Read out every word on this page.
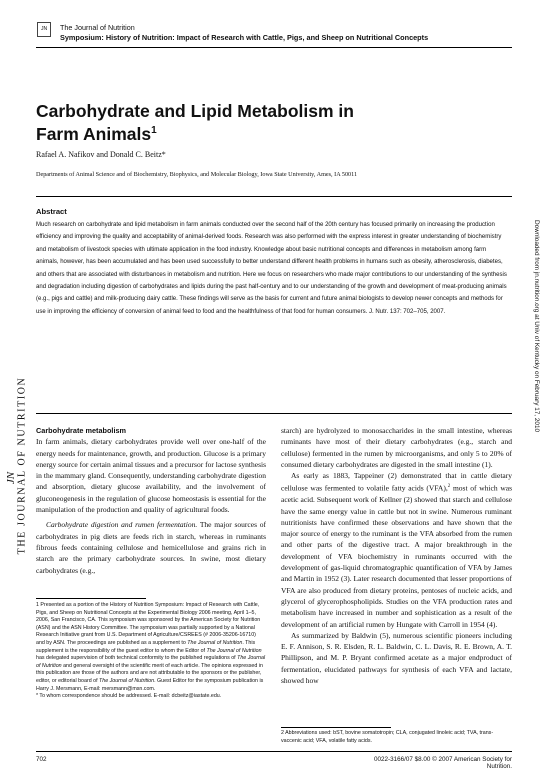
JN	The Journal of Nutrition
Symposium: History of Nutrition: Impact of Research with Cattle, Pigs, and Sheep on Nutritional Concepts
Carbohydrate and Lipid Metabolism in Farm Animals$^1$
Rafael A. Nafikov and Donald C. Beitz*
Departments of Animal Science and of Biochemistry, Biophysics, and Molecular Biology, Iowa State University, Ames, IA 50011
Abstract
Much research on carbohydrate and lipid metabolism in farm animals conducted over the second half of the 20th century has focused primarily on increasing the production efficiency and improving the quality and acceptability of animal-derived foods. Research was also performed with the express interest in greater understanding of biochemistry and metabolism of livestock species with ultimate application in the food industry. Knowledge about basic nutritional concepts and differences in metabolism among farm animals, however, has been accumulated and has been used successfully to better understand different health problems in humans such as obesity, atherosclerosis, diabetes, and others that are associated with disturbances in metabolism and nutrition. Here we focus on researchers who made major contributions to our understanding of the synthesis and degradation including digestion of carbohydrates and lipids during the past half-century and to our understanding of the growth and development of meat-producing animals (e.g., pigs and cattle) and milk-producing dairy cattle. These findings will serve as the basis for current and future animal biologists to develop newer concepts and methods for use in improving the efficiency of conversion of animal feed to food and the healthfulness of that food for human consumers. J. Nutr. 137: 702–705, 2007.
THE JOURNAL OF NUTRITION
JN
Downloaded from jn.nutrition.org at Univ of Kentucky on February 17, 2010

Carbohydrate metabolism

In farm animals, dietary carbohydrates provide well over one-half of the energy needs for maintenance, growth, and production. Glucose is a primary energy source for certain animal tissues and a precursor for lactose synthesis in the mammary gland. Consequently, understanding carbohydrate digestion and absorption, dietary glucose availability, and the involvement of gluconeogenesis in the regulation of glucose homeostasis is essential for the manipulation of the production and quality of agricultural foods.

Carbohydrate digestion and rumen fermentation. The major sources of carbohydrates in pig diets are feeds rich in starch, whereas in ruminants fibrous feeds containing cellulose and hemicellulose and grains rich in starch are the primary carbohydrate sources. In swine, most dietary carbohydrates (e.g.,

1 Presented as a portion of the History of Nutrition Symposium: Impact of Research with Cattle, Pigs, and Sheep on Nutritional Concepts at the Experimental Biology 2006 meeting, April 1–5, 2006, San Francisco, CA. This symposium was sponsored by the American Society for Nutrition (ASN) and the ASN History Committee. The symposium was partially supported by a National Research Initiative grant from U.S. Department of Agriculture/CSREES (# 2006-35206-16710) and by ASN. The proceedings are published as a supplement to The Journal of Nutrition. This supplement is the responsibility of the guest editor to whom the Editor of The Journal of Nutrition has delegated supervision of both technical conformity to the published regulations of The Journal of Nutrition and general oversight of the scientific merit of each article. The opinions expressed in this publication are those of the authors and are not attributable to the sponsors or the publisher, editor, or editorial board of The Journal of Nutrition. Guest Editor for the symposium publication is Harry J. Mersmann, E-mail: mersmann@msn.com.
* To whom correspondence should be addressed. E-mail: dcbeitz@iastate.edu.

starch) are hydrolyzed to monosaccharides in the small intestine, whereas ruminants have most of their dietary carbohydrates (e.g., starch and cellulose) fermented in the rumen by microorganisms, and only 5 to 20% of consumed dietary carbohydrates are digested in the small intestine (1).

As early as 1883, Tappeiner (2) demonstrated that in cattle dietary cellulose was fermented to volatile fatty acids (VFA),$^2$ most of which was acetic acid. Subsequent work of Kellner (2) showed that starch and cellulose have the same energy value in cattle but not in swine. Numerous ruminant nutritionists have confirmed these observations and have shown that the major source of energy to the ruminant is the VFA absorbed from the rumen and other parts of the digestive tract. A major breakthrough in the development of VFA biochemistry in ruminants occurred with the development of gas-liquid chromatographic quantification of VFA by James and Martin in 1952 (3). Later research documented that lesser proportions of VFA are also produced from dietary proteins, pentoses of nucleic acids, and glycerol of glycerophospholipids. Studies on the VFA production rates and metabolism have increased in number and sophistication as a result of the development of an artificial rumen by Hungate with Carroll in 1954 (4).

As summarized by Baldwin (5), numerous scientific pioneers including E. F. Annison, S. R. Elsden, R. L. Baldwin, C. L. Davis, R. E. Brown, A. T. Phillipson, and M. P. Bryant confirmed acetate as a major endproduct of fermentation, elucidated pathways for synthesis of each VFA and lactate, showed how

2 Abbreviations used: bST, bovine somatotropin; CLA, conjugated linoleic acid; TVA, trans-vaccenic acid; VFA, volatile fatty acids.
702	0022-3166/07 $8.00 © 2007 American Society for Nutrition.
